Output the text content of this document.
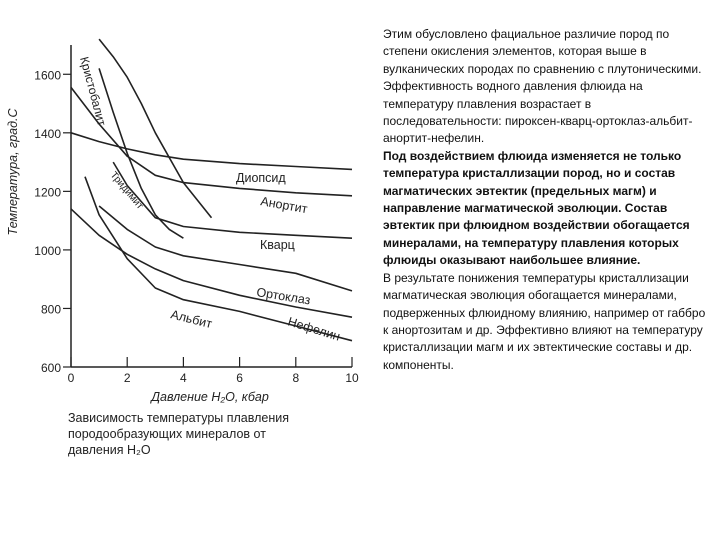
600
800
1000
1200
1400
1600
0	2	4	6	8	10
Кристобалит
Диопсид
Анортит
Тридимит
Кварц
Ортоклаз
Альбит	Нефелин
Температура, град.С
Давление H₂O, кбар
Зависимость температуры плавления
породообразующих минералов от
давления H₂O

Этим обусловлено фациальное различие пород по степени окисления элементов, которая выше в вулканических породах по сравнению с плутоническими. Эффективность водного давления флюида на температуру плавления возрастает в последовательности: пироксен-кварц-ортоклаз-альбит-анортит-нефелин.

Под воздействием флюида изменяется не только температура кристаллизации пород, но и состав магматических эвтектик (предельных магм) и направление магматической эволюции. Состав эвтектик при флюидном воздействии обогащается минералами, на температуру плавления которых флюиды оказывают наибольшее влияние.

В результате понижения температуры кристаллизации магматическая эволюция обогащается минералами, подверженных флюидному влиянию, например от габбро к анортозитам и др. Эффективно влияют на температуру кристаллизации магм и их эвтектические составы и др. компоненты.
